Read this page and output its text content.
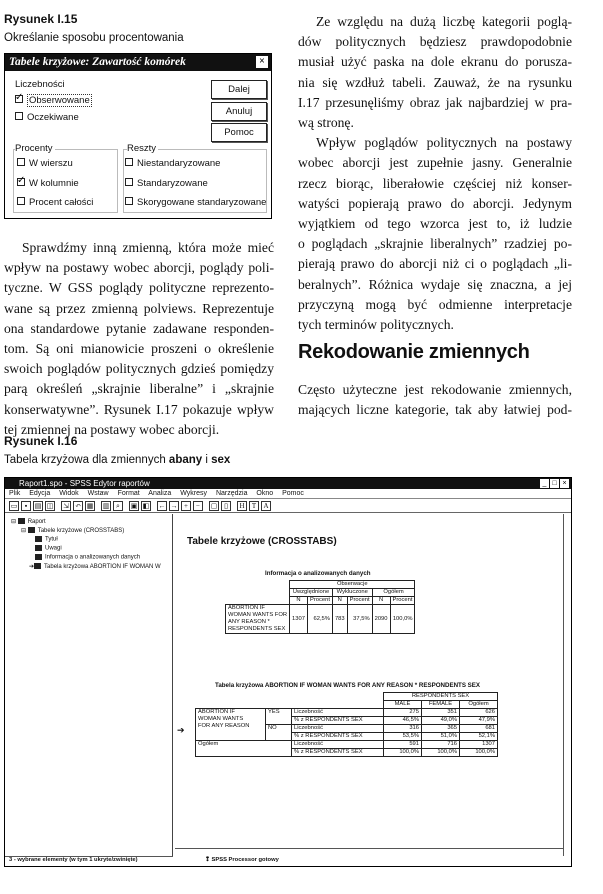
Rysunek I.15
Określanie sposobu procentowania
Tabele krzyżowe: Zawartość komórek	×
Liczebności
✓Obserwowane
Oczekiwane
Dalej
Anuluj
Pomoc
Procenty
W wierszu
✓W kolumnie
Procent całości
Reszty
Niestandaryzowane
Standaryzowane
Skorygowane standaryzowane
Sprawdźmy inną zmienną, która może mieć
wpływ na postawy wobec aborcji, poglądy poli-
tyczne. W GSS poglądy polityczne reprezento-
wane są przez zmienną polviews. Reprezentuje
ona standardowe pytanie zadawane responden-
tom. Są oni mianowicie proszeni o określenie
swoich poglądów politycznych gdzieś pomiędzy
parą określeń „skrajnie liberalne” i „skrajnie
konserwatywne”. Rysunek I.17 pokazuje wpływ
tej zmiennej na postawy wobec aborcji.
Ze względu na dużą liczbę kategorii poglą-
dów politycznych będziesz prawdopodobnie
musiał użyć paska na dole ekranu do porusza-
nia się wzdłuż tabeli. Zauważ, że na rysunku
I.17 przesunęliśmy obraz jak najbardziej w pra-
wą stronę.
Wpływ poglądów politycznych na postawy
wobec aborcji jest zupełnie jasny. Generalnie
rzecz biorąc, liberałowie częściej niż konser-
watyści popierają prawo do aborcji. Jedynym
wyjątkiem od tego wzorca jest to, iż ludzie
o poglądach „skrajnie liberalnych” rzadziej po-
pierają prawo do aborcji niż ci o poglądach „li-
beralnych”. Różnica wydaje się znaczna, a jej
przyczyną mogą być odmienne interpretacje
tych terminów politycznych.
Rekodowanie zmiennych
Często użyteczne jest rekodowanie zmiennych,
mających liczne kategorie, tak aby łatwiej pod-
Rysunek I.16
Tabela krzyżowa dla zmiennych abany i sex
Raport1.spo - SPSS Edytor raportów	_ □ ×
Plik Edycja Widok Wstaw Format Analiza Wykresy Narzędzia Okno Pomoc
▭	▪	▤ ◫ ⇲ ↶ ▦ ▥ ⌕	▣ ◧ ← → +	−	▢ ▯	H	T	A
⊟ Raport
⊟ Tabele krzyżowe (CROSSTABS)
Tytuł
Uwagi
Informacja o analizowanych danych
➔ Tabela krzyżowa ABORTION IF WOMAN W
Tabele krzyżowe (CROSSTABS)
Informacja o analizowanych danych
	Obserwacje					
	Uwzględnione		Wykluczone		Ogółem	
	N	Procent	N	Procent	N	Procent

ABORTION IF
WOMAN WANTS FOR
ANY REASON *
RESPONDENTS SEX	1307	62,5%	783	37,5%	2090	100,0%
Tabela krzyżowa ABORTION IF WOMAN WANTS FOR ANY REASON * RESPONDENTS SEX
➔
			RESPONDENTS SEX		
			MALE	FEMALE	Ogółem

ABORTION IF
WOMAN WANTS
FOR ANY REASON	YES	Liczebność	275	351	626
		% z RESPONDENTS SEX	46,5%	49,0%	47,9%
	NO	Liczebność	316	365	681
		% z RESPONDENTS SEX	53,5%	51,0%	52,1%
Ogółem		Liczebność	591	716	1307
		% z RESPONDENTS SEX	100,0%	100,0%	100,0%
3 - wybrane elementy (w tym 1 ukryte/zwinięte)	❢ SPSS Processor gotowy
